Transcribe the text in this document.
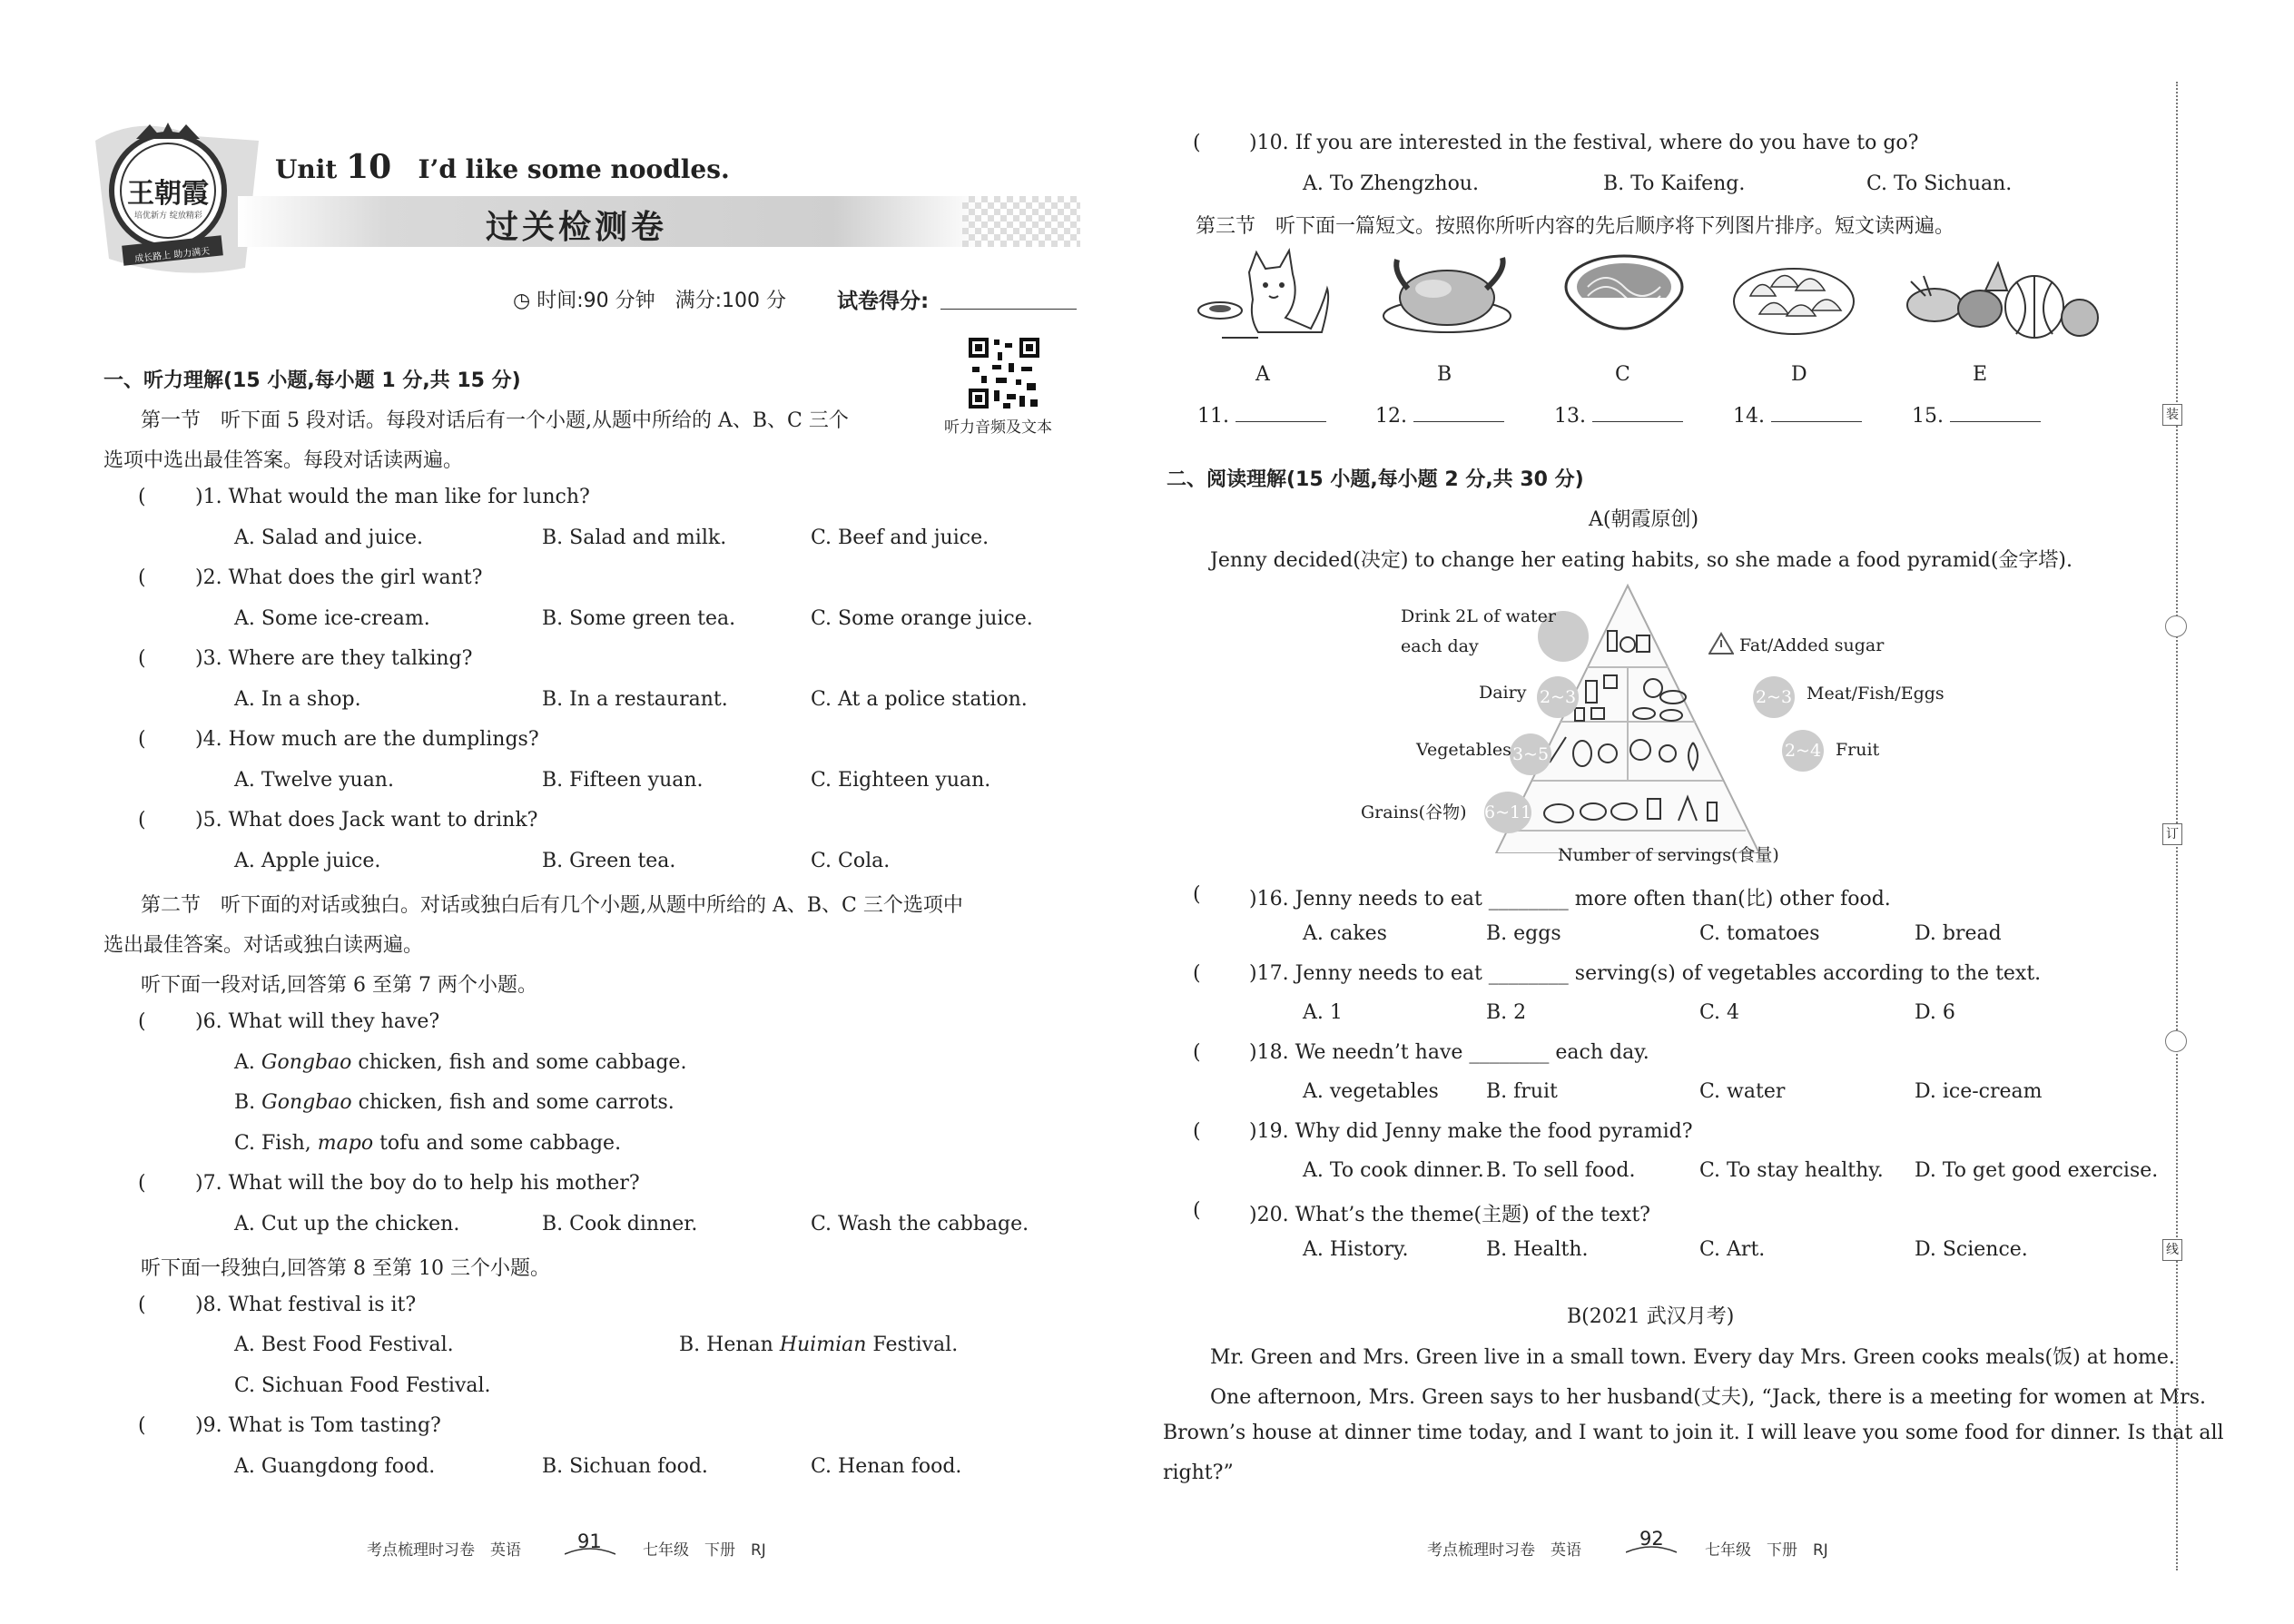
王朝霞
培优新方 绽放精彩
成长路上 助力满天
Unit 10 I’d like some noodles.
过关检测卷
◷ 时间:90 分钟　满分:100 分 试卷得分:
听力音频及文本
一、听力理解(15 小题,每小题 1 分,共 15 分)
第一节　听下面 5 段对话。每段对话后有一个小题,从题中所给的 A、B、C 三个
选项中选出最佳答案。每段对话读两遍。
( )1. What would the man like for lunch?
A. Salad and juice.	B. Salad and milk.	C. Beef and juice.
( )2. What does the girl want?
A. Some ice-cream.	B. Some green tea.	C. Some orange juice.
( )3. Where are they talking?
A. In a shop.	B. In a restaurant.	C. At a police station.
( )4. How much are the dumplings?
A. Twelve yuan.	B. Fifteen yuan.	C. Eighteen yuan.
( )5. What does Jack want to drink?
A. Apple juice.	B. Green tea.	C. Cola.
第二节　听下面的对话或独白。对话或独白后有几个小题,从题中所给的 A、B、C 三个选项中
选出最佳答案。对话或独白读两遍。
听下面一段对话,回答第 6 至第 7 两个小题。
( )6. What will they have?
A. Gongbao chicken, fish and some cabbage.
B. Gongbao chicken, fish and some carrots.
C. Fish, mapo tofu and some cabbage.
( )7. What will the boy do to help his mother?
A. Cut up the chicken.	B. Cook dinner.	C. Wash the cabbage.
听下面一段独白,回答第 8 至第 10 三个小题。
( )8. What festival is it?
A. Best Food Festival.	B. Henan Huimian Festival.
C. Sichuan Food Festival.
( )9. What is Tom tasting?
A. Guangdong food.	B. Sichuan food.	C. Henan food.
考点梳理时习卷　英语	91	七年级　下册　RJ
( )10. If you are interested in the festival, where do you have to go?
A. To Zhengzhou.	B. To Kaifeng.	C. To Sichuan.
第三节　听下面一篇短文。按照你所听内容的先后顺序将下列图片排序。短文读两遍。
A	B	C	D	E
11.	12.	13.	14.	15.
二、阅读理解(15 小题,每小题 2 分,共 30 分)
A(朝霞原创)
Jenny decided(决定) to change her eating habits, so she made a food pyramid(金字塔).
2~3	2~3
3~5	2~4
6~11
Drink 2L of water
each day	Fat/Added sugar
Dairy	Meat/Fish/Eggs
Vegetables	Fruit
Grains(谷物)
Number of servings(食量)
( )16. Jenny needs to eat ________ more often than(比) other food.
A. cakes	B. eggs	C. tomatoes	D. bread
( )17. Jenny needs to eat ________ serving(s) of vegetables according to the text.
A. 1	B. 2	C. 4	D. 6
( )18. We needn’t have ________ each day.
A. vegetables B. fruit	C. water	D. ice-cream
( )19. Why did Jenny make the food pyramid?
A. To cook dinner. B. To sell food.	C. To stay healthy. D. To get good exercise.
( )20. What’s the theme(主题) of the text?
A. History.	B. Health.	C. Art.	D. Science.
B(2021 武汉月考)
Mr. Green and Mrs. Green live in a small town. Every day Mrs. Green cooks meals(饭) at home.
One afternoon, Mrs. Green says to her husband(丈夫), “Jack, there is a meeting for women at Mrs.
Brown’s house at dinner time today, and I want to join it. I will leave you some food for dinner. Is that all
right?”
考点梳理时习卷　英语
92
七年级　下册　RJ
装
订
线
